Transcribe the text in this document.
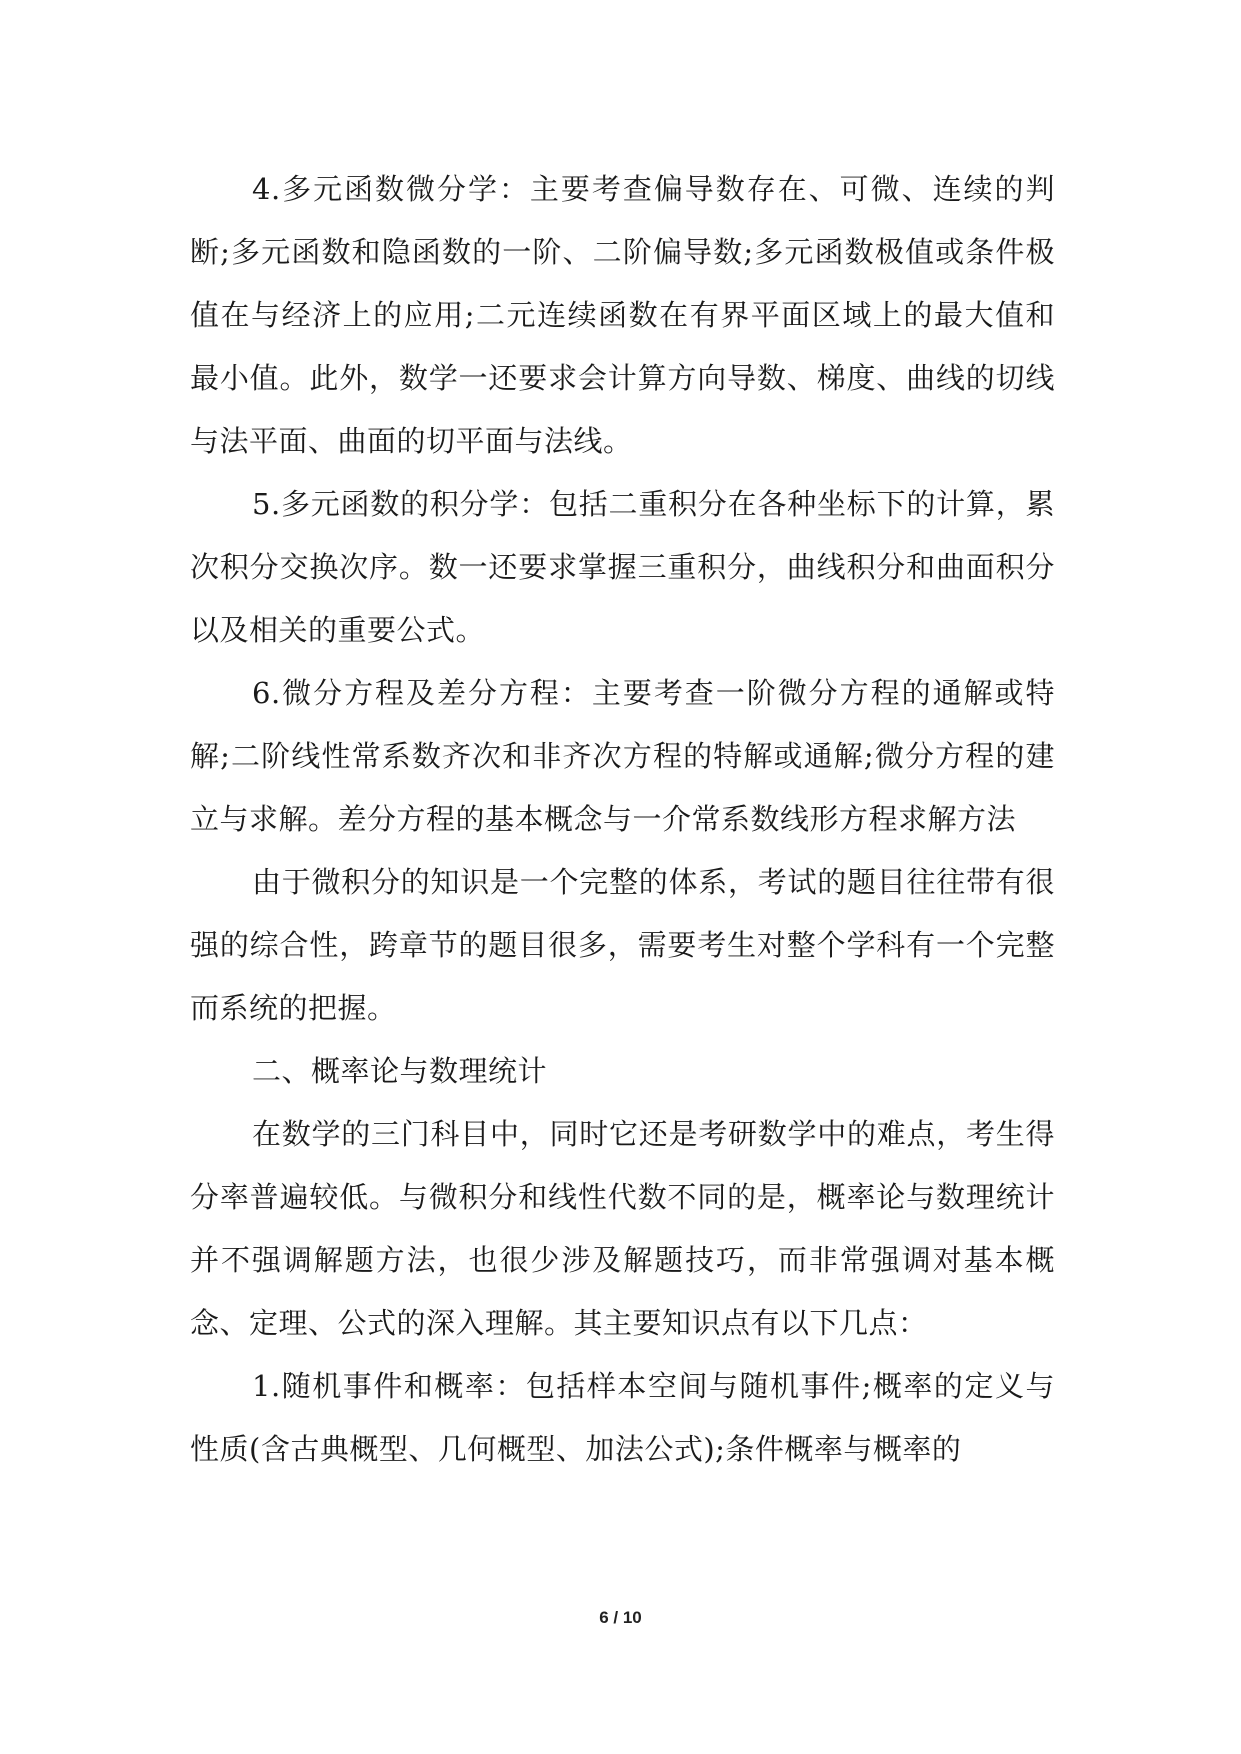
4.多元函数微分学：主要考查偏导数存在、可微、连续的判断;多元函数和隐函数的一阶、二阶偏导数;多元函数极值或条件极值在与经济上的应用;二元连续函数在有界平面区域上的最大值和最小值。此外，数学一还要求会计算方向导数、梯度、曲线的切线与法平面、曲面的切平面与法线。

5.多元函数的积分学：包括二重积分在各种坐标下的计算，累次积分交换次序。数一还要求掌握三重积分，曲线积分和曲面积分以及相关的重要公式。

6.微分方程及差分方程：主要考查一阶微分方程的通解或特解;二阶线性常系数齐次和非齐次方程的特解或通解;微分方程的建立与求解。差分方程的基本概念与一介常系数线形方程求解方法

由于微积分的知识是一个完整的体系，考试的题目往往带有很强的综合性，跨章节的题目很多，需要考生对整个学科有一个完整而系统的把握。

二、概率论与数理统计

在数学的三门科目中，同时它还是考研数学中的难点，考生得分率普遍较低。与微积分和线性代数不同的是，概率论与数理统计并不强调解题方法，也很少涉及解题技巧，而非常强调对基本概念、定理、公式的深入理解。其主要知识点有以下几点：

1.随机事件和概率：包括样本空间与随机事件;概率的定义与性质(含古典概型、几何概型、加法公式);条件概率与概率的

6 / 10
